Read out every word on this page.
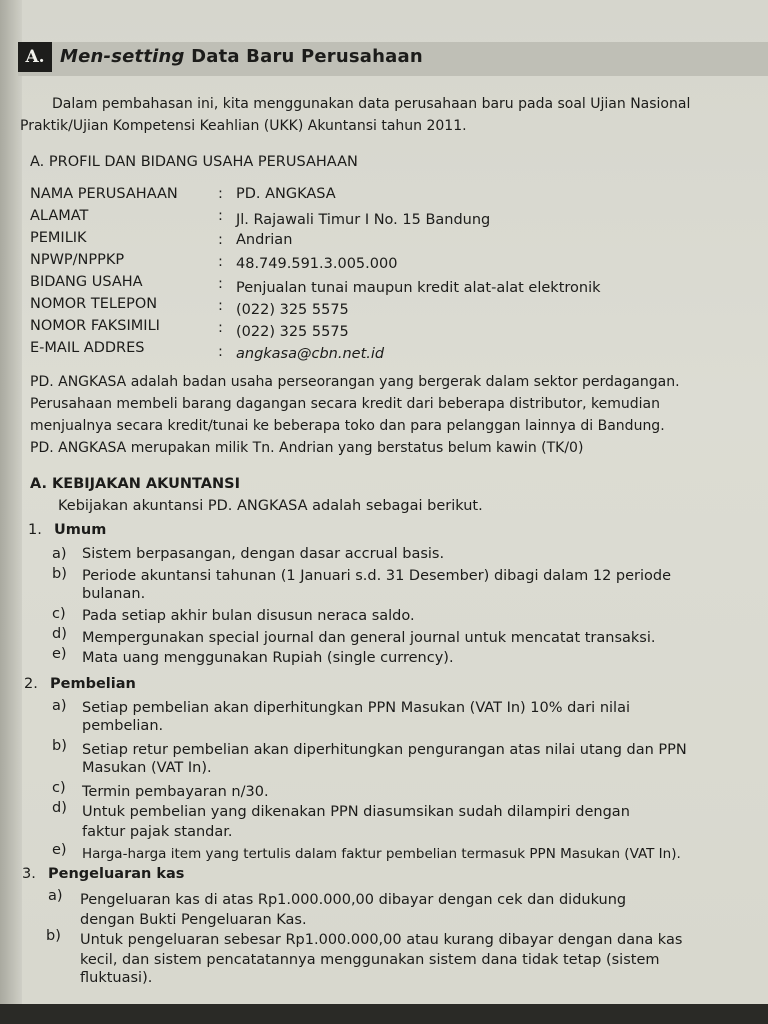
A. Men-setting Data Baru Perusahaan
Dalam pembahasan ini, kita menggunakan data perusahaan baru pada soal Ujian Nasional
Praktik/Ujian Kompetensi Keahlian (UKK) Akuntansi tahun 2011.
A. PROFIL DAN BIDANG USAHA PERUSAHAAN
NAMA PERUSAHAAN	: PD. ANGKASA
ALAMAT	: Jl. Rajawali Timur I No. 15 Bandung
PEMILIK	: Andrian
NPWP/NPPKP	: 48.749.591.3.005.000
BIDANG USAHA	: Penjualan tunai maupun kredit alat-alat elektronik
NOMOR TELEPON	: (022) 325 5575
NOMOR FAKSIMILI	: (022) 325 5575
E-MAIL ADDRES	: angkasa@cbn.net.id
PD. ANGKASA adalah badan usaha perseorangan yang bergerak dalam sektor perdagangan.
Perusahaan membeli barang dagangan secara kredit dari beberapa distributor, kemudian
menjualnya secara kredit/tunai ke beberapa toko dan para pelanggan lainnya di Bandung.
PD. ANGKASA merupakan milik Tn. Andrian yang berstatus belum kawin (TK/0)
A. KEBIJAKAN AKUNTANSI
Kebijakan akuntansi PD. ANGKASA adalah sebagai berikut.
1. Umum
a) Sistem berpasangan, dengan dasar accrual basis.
b) Periode akuntansi tahunan (1 Januari s.d. 31 Desember) dibagi dalam 12 periode
bulanan.
c) Pada setiap akhir bulan disusun neraca saldo.
d) Mempergunakan special journal dan general journal untuk mencatat transaksi.
e) Mata uang menggunakan Rupiah (single currency).
2. Pembelian
a) Setiap pembelian akan diperhitungkan PPN Masukan (VAT In) 10% dari nilai
pembelian.
b) Setiap retur pembelian akan diperhitungkan pengurangan atas nilai utang dan PPN
Masukan (VAT In).
c) Termin pembayaran n/30.
d) Untuk pembelian yang dikenakan PPN diasumsikan sudah dilampiri dengan
faktur pajak standar.
e) Harga-harga item yang tertulis dalam faktur pembelian termasuk PPN Masukan (VAT In).
3. Pengeluaran kas
a) Pengeluaran kas di atas Rp1.000.000,00 dibayar dengan cek dan didukung
dengan Bukti Pengeluaran Kas.
b) Untuk pengeluaran sebesar Rp1.000.000,00 atau kurang dibayar dengan dana kas
kecil, dan sistem pencatatannya menggunakan sistem dana tidak tetap (sistem
fluktuasi).
